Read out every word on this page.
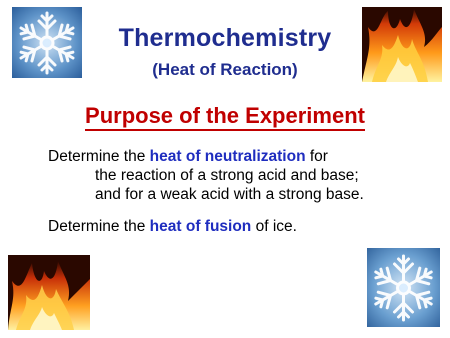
Thermochemistry
(Heat of Reaction)
Purpose of the Experiment
Determine the heat of neutralization for
the reaction of a strong acid and base;
and for a weak acid with a strong base.
Determine the heat of fusion of ice.
